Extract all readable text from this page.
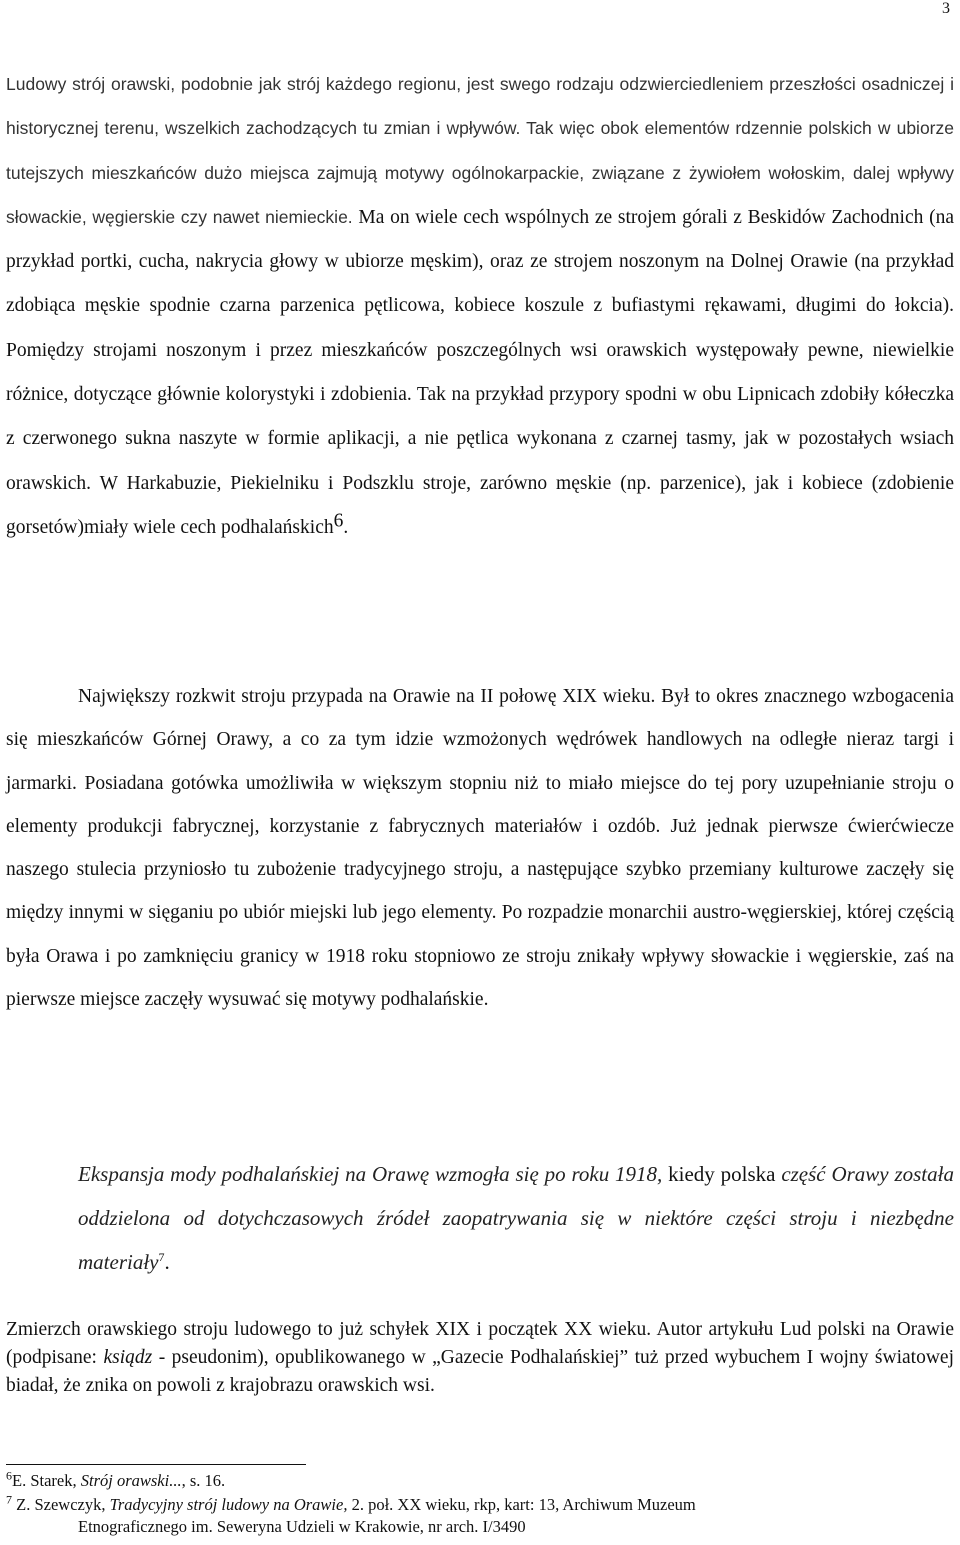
3

Ludowy strój orawski, podobnie jak strój każdego regionu, jest swego rodzaju odzwierciedleniem przeszłości osadniczej i historycznej terenu, wszelkich zachodzących tu zmian i wpływów. Tak więc obok elementów rdzennie polskich w ubiorze tutejszych mieszkańców dużo miejsca zajmują motywy ogólnokarpackie, związane z żywiołem wołoskim, dalej wpływy słowackie, węgierskie czy nawet niemieckie. Ma on wiele cech wspólnych ze strojem górali z Beskidów Zachodnich (na przykład portki, cucha, nakrycia głowy w ubiorze męskim), oraz ze strojem noszonym na Dolnej Orawie (na przykład zdobiąca męskie spodnie czarna parzenica pętlicowa, kobiece koszule z bufiastymi rękawami, długimi do łokcia). Pomiędzy strojami noszonym i przez mieszkańców poszczególnych wsi orawskich występowały pewne, niewielkie różnice, dotyczące głównie kolorystyki i zdobienia. Tak na przykład przypory spodni w obu Lipnicach zdobiły kółeczka z czerwonego sukna naszyte w formie aplikacji, a nie pętlica wykonana z czarnej tasmy, jak w pozostałych wsiach orawskich. W Harkabuzie, Piekielniku i Podszklu stroje, zarówno męskie (np. parzenice), jak i kobiece (zdobienie gorsetów)miały wiele cech podhalańskich$^6$.

Największy rozkwit stroju przypada na Orawie na II połowę XIX wieku. Był to okres znacznego wzbogacenia się mieszkańców Górnej Orawy, a co za tym idzie wzmożonych wędrówek handlowych na odległe nieraz targi i jarmarki. Posiadana gotówka umożliwiła w większym stopniu niż to miało miejsce do tej pory uzupełnianie stroju o elementy produkcji fabrycznej, korzystanie z fabrycznych materiałów i ozdób. Już jednak pierwsze ćwierćwiecze naszego stulecia przyniosło tu zubożenie tradycyjnego stroju, a następujące szybko przemiany kulturowe zaczęły się między innymi w sięganiu po ubiór miejski lub jego elementy. Po rozpadzie monarchii austro-węgierskiej, której częścią była Orawa i po zamknięciu granicy w 1918 roku stopniowo ze stroju znikały wpływy słowackie i węgierskie, zaś na pierwsze miejsce zaczęły wysuwać się motywy podhalańskie.

Ekspansja mody podhalańskiej na Orawę wzmogła się po roku 1918, kiedy polska część Orawy została oddzielona od dotychczasowych źródeł zaopatrywania się w niektóre części stroju i niezbędne materiały$^7$.

Zmierzch orawskiego stroju ludowego to już schyłek XIX i początek XX wieku. Autor artykułu Lud polski na Orawie (podpisane: ksiądz - pseudonim), opublikowanego w „Gazecie Podhalańskiej” tuż przed wybuchem I wojny światowej biadał, że znika on powoli z krajobrazu orawskich wsi.

$^6$E. Starek, Strój orawski..., s. 16.

$^7$ Z. Szewczyk, Tradycyjny strój ludowy na Orawie, 2. poł. XX wieku, rkp, kart: 13, Archiwum Muzeum
Etnograficznego im. Seweryna Udzieli w Krakowie, nr arch. I/3490
